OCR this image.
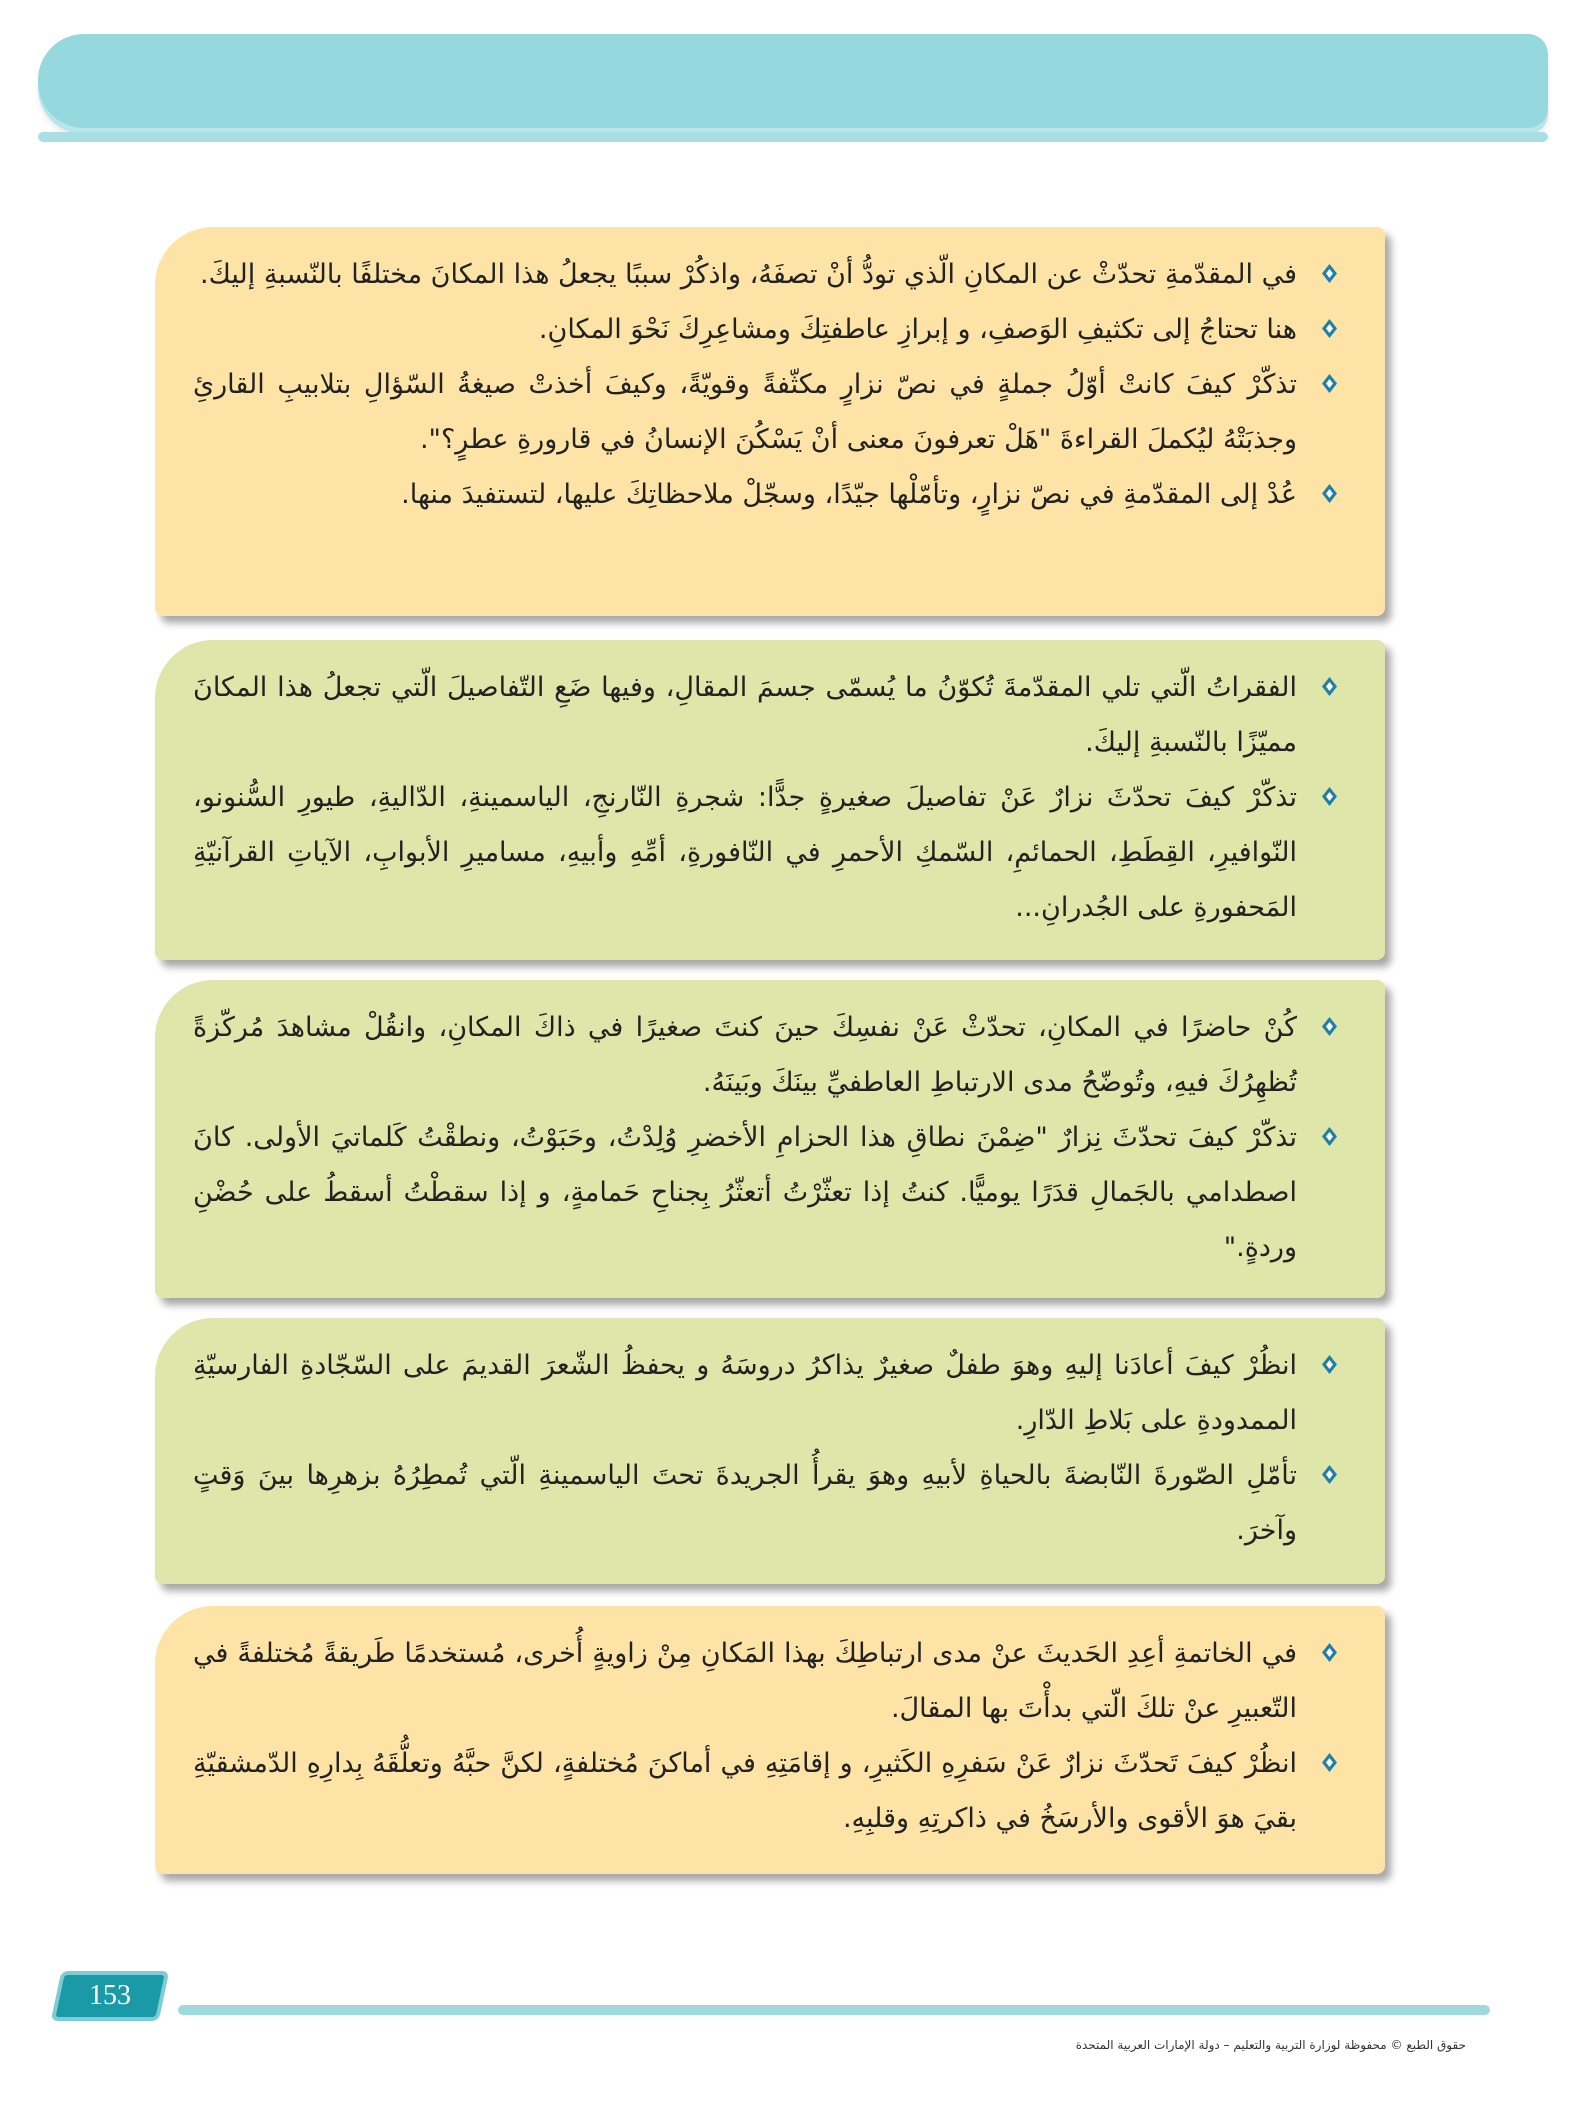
في المقدّمةِ تحدّثْ عن المكانِ الّذي تودُّ أنْ تصفَهُ، واذكُرْ سببًا يجعلُ هذا المكانَ مختلفًا بالنّسبةِ إليكَ.
هنا تحتاجُ إلى تكثيفِ الوَصفِ، و إبرازِ عاطفتِكَ ومشاعِرِكَ نَحْوَ المكانِ.
تذكّرْ كيفَ كانتْ أوّلُ جملةٍ في نصّ نزارٍ مكثّفةً وقويّةً، وكيفَ أخذتْ صيغةُ السّؤالِ بتلابيبِ القارئِ وجذبَتْهُ ليُكملَ القراءةَ "هَلْ تعرفونَ معنى أنْ يَسْكُنَ الإنسانُ في قارورةِ عطرٍ؟".
عُدْ إلى المقدّمةِ في نصّ نزارٍ، وتأمّلْها جيّدًا، وسجّلْ ملاحظاتِكَ عليها، لتستفيدَ منها.
الفقراتُ الّتي تلي المقدّمةَ تُكوّنُ ما يُسمّى جسمَ المقالِ، وفيها ضَعِ التّفاصيلَ الّتي تجعلُ هذا المكانَ مميّزًا بالنّسبةِ إليكَ.
تذكّرْ كيفَ تحدّثَ نزارٌ عَنْ تفاصيلَ صغيرةٍ جدًّا: شجرةِ النّارنجِ، الياسمينةِ، الدّاليةِ، طيورِ السُّنونو، النّوافيرِ، القِطَطِ، الحمائمِ، السّمكِ الأحمرِ في النّافورةِ، أمِّهِ وأبيهِ، مساميرِ الأبوابِ، الآياتِ القرآنيّةِ المَحفورةِ على الجُدرانِ...
كُنْ حاضرًا في المكانِ، تحدّثْ عَنْ نفسِكَ حينَ كنتَ صغيرًا في ذاكَ المكانِ، وانقُلْ مشاهدَ مُركّزةً تُظهِرُكَ فيهِ، وتُوضّحُ مدى الارتباطِ العاطفيِّ بينَكَ وبَينَهُ.
تذكّرْ كيفَ تحدّثَ نِزارٌ "ضِمْنَ نطاقِ هذا الحزامِ الأخضرِ وُلِدْتُ، وحَبَوْتُ، ونطقْتُ كَلماتيَ الأولى. كانَ اصطدامي بالجَمالِ قدَرًا يوميًّا. كنتُ إذا تعثّرْتُ أتعثّرُ بِجناحِ حَمامةٍ، و إذا سقطْتُ أسقطُ على حُضْنِ وردةٍ."
انظُرْ كيفَ أعادَنا إليهِ وهوَ طفلٌ صغيرٌ يذاكرُ دروسَهُ و يحفظُ الشّعرَ القديمَ على السّجّادةِ الفارسيّةِ الممدودةِ على بَلاطِ الدّارِ.
تأمّلِ الصّورةَ النّابضةَ بالحياةِ لأبيهِ وهوَ يقرأُ الجريدةَ تحتَ الياسمينةِ الّتي تُمطِرُهُ بزهرِها بينَ وَقتٍ وآخرَ.
في الخاتمةِ أعِدِ الحَديثَ عنْ مدى ارتباطِكَ بهذا المَكانِ مِنْ زاويةٍ أُخرى، مُستخدمًا طَريقةً مُختلفةً في التّعبيرِ عنْ تلكَ الّتي بدأْتَ بها المقالَ.
انظُرْ كيفَ تَحدّثَ نزارٌ عَنْ سَفرِهِ الكَثيرِ، و إقامَتِهِ في أماكنَ مُختلفةٍ، لكنَّ حبَّهُ وتعلُّقَهُ بِدارِهِ الدّمشقيّةِ بقيَ هوَ الأقوى والأرسَخُ في ذاكرتِهِ وقلبِهِ.
153
حقوق الطبع © محفوظة لوزارة التربية والتعليم – دولة الإمارات العربية المتحدة
